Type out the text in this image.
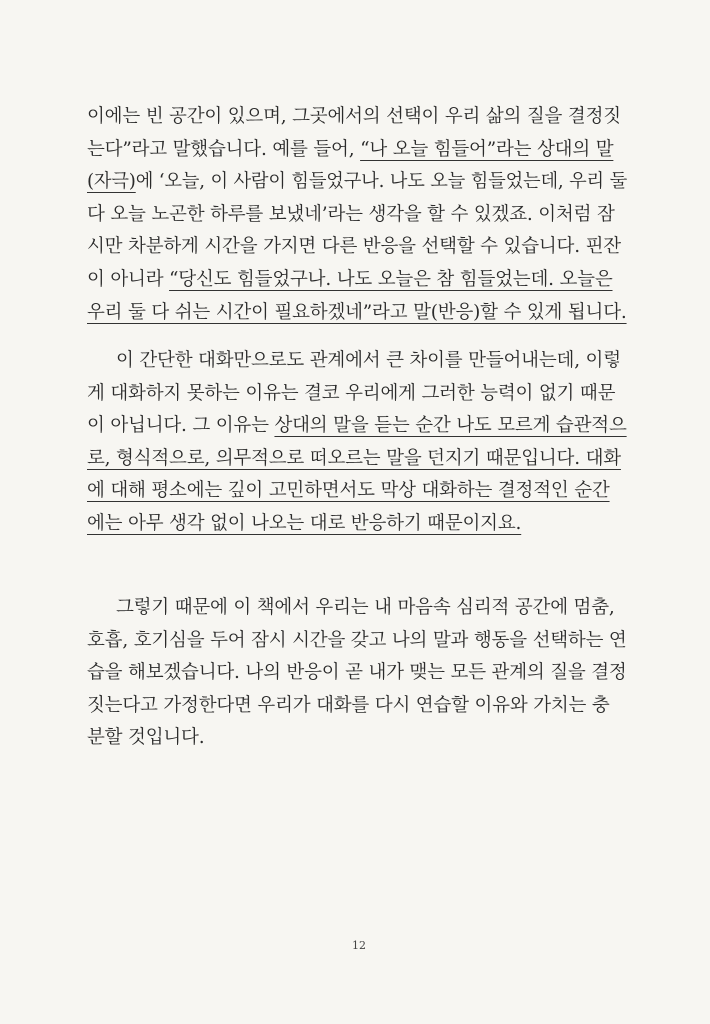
이에는 빈 공간이 있으며, 그곳에서의 선택이 우리 삶의 질을 결정짓
는다”라고 말했습니다. 예를 들어, “나 오늘 힘들어”라는 상대의 말
(자극)에 ‘오늘, 이 사람이 힘들었구나. 나도 오늘 힘들었는데, 우리 둘
다 오늘 노곤한 하루를 보냈네’라는 생각을 할 수 있겠죠. 이처럼 잠
시만 차분하게 시간을 가지면 다른 반응을 선택할 수 있습니다. 핀잔
이 아니라 “당신도 힘들었구나. 나도 오늘은 참 힘들었는데. 오늘은
우리 둘 다 쉬는 시간이 필요하겠네”라고 말(반응)할 수 있게 됩니다.
이 간단한 대화만으로도 관계에서 큰 차이를 만들어내는데, 이렇
게 대화하지 못하는 이유는 결코 우리에게 그러한 능력이 없기 때문
이 아닙니다. 그 이유는 상대의 말을 듣는 순간 나도 모르게 습관적으
로, 형식적으로, 의무적으로 떠오르는 말을 던지기 때문입니다. 대화
에 대해 평소에는 깊이 고민하면서도 막상 대화하는 결정적인 순간
에는 아무 생각 없이 나오는 대로 반응하기 때문이지요.
그렇기 때문에 이 책에서 우리는 내 마음속 심리적 공간에 멈춤,
호흡, 호기심을 두어 잠시 시간을 갖고 나의 말과 행동을 선택하는 연
습을 해보겠습니다. 나의 반응이 곧 내가 맺는 모든 관계의 질을 결정
짓는다고 가정한다면 우리가 대화를 다시 연습할 이유와 가치는 충
분할 것입니다.
12
